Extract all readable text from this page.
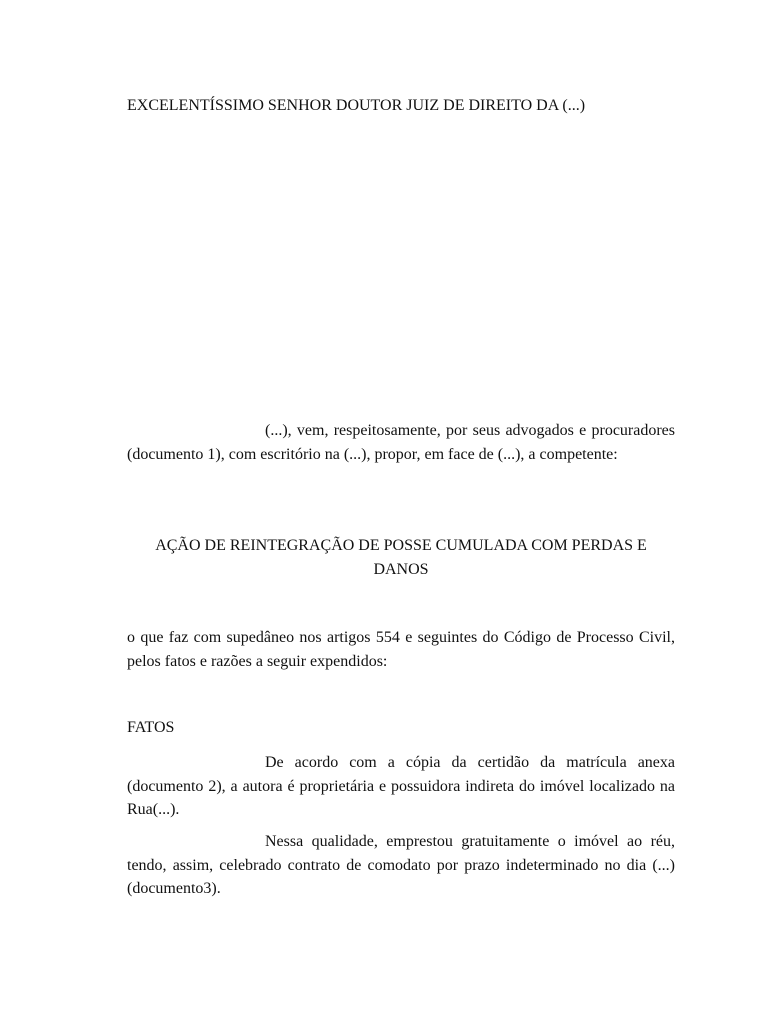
EXCELENTÍSSIMO SENHOR DOUTOR JUIZ DE DIREITO DA (...)

(...), vem, respeitosamente, por seus advogados e procuradores (documento 1), com escritório na (...), propor, em face de (...), a competente:

AÇÃO DE REINTEGRAÇÃO DE POSSE CUMULADA COM PERDAS E DANOS

o que faz com supedâneo nos artigos 554 e seguintes do Código de Processo Civil, pelos fatos e razões a seguir expendidos:

FATOS

De acordo com a cópia da certidão da matrícula anexa (documento 2), a autora é proprietária e possuidora indireta do imóvel localizado na Rua(...).

Nessa qualidade, emprestou gratuitamente o imóvel ao réu, tendo, assim, celebrado contrato de comodato por prazo indeterminado no dia (...) (documento3).
